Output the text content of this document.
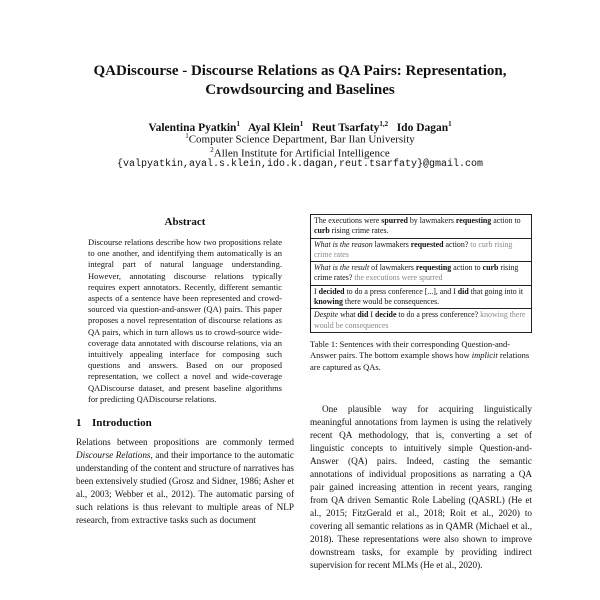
QADiscourse - Discourse Relations as QA Pairs: Representation,
Crowdsourcing and Baselines
Valentina Pyatkin$^1$ Ayal Klein$^1$ Reut Tsarfaty$^{1,2}$ Ido Dagan$^1$
$^1$Computer Science Department, Bar Ilan University
$^2$Allen Institute for Artificial Intelligence
{valpyatkin,ayal.s.klein,ido.k.dagan,reut.tsarfaty}@gmail.com
Abstract
Discourse relations describe how two propositions relate to one another, and identifying them automatically is an integral part of natural language understanding. However, annotating discourse relations typically requires expert annotators. Recently, different semantic aspects of a sentence have been represented and crowd-sourced via question-and-answer (QA) pairs. This paper proposes a novel representation of discourse relations as QA pairs, which in turn allows us to crowd-source wide-coverage data annotated with discourse relations, via an intuitively appealing interface for composing such questions and answers. Based on our proposed representation, we collect a novel and wide-coverage QADiscourse dataset, and present baseline algorithms for predicting QADiscourse relations.
1 Introduction
Relations between propositions are commonly termed Discourse Relations, and their importance to the automatic understanding of the content and structure of narratives has been extensively studied (Grosz and Sidner, 1986; Asher et al., 2003; Webber et al., 2012). The automatic parsing of such relations is thus relevant to multiple areas of NLP research, from extractive tasks such as document
The executions were spurred by lawmakers requesting action to curb rising crime rates.
What is the reason lawmakers requested action? to curb rising crime rates
What is the result of lawmakers requesting action to curb rising crime rates? the executions were spurred
I decided to do a press conference [...], and I did that going into it knowing there would be consequences.
Despite what did I decide to do a press conference? knowing there would be consequences
Table 1: Sentences with their corresponding Question-and-Answer pairs. The bottom example shows how implicit relations are captured as QAs.
One plausible way for acquiring linguistically meaningful annotations from laymen is using the relatively recent QA methodology, that is, converting a set of linguistic concepts to intuitively simple Question-and-Answer (QA) pairs. Indeed, casting the semantic annotations of individual propositions as narrating a QA pair gained increasing attention in recent years, ranging from QA driven Semantic Role Labeling (QASRL) (He et al., 2015; FitzGerald et al., 2018; Roit et al., 2020) to covering all semantic relations as in QAMR (Michael et al., 2018). These representations were also shown to improve downstream tasks, for example by providing indirect supervision for recent MLMs (He et al., 2020).
